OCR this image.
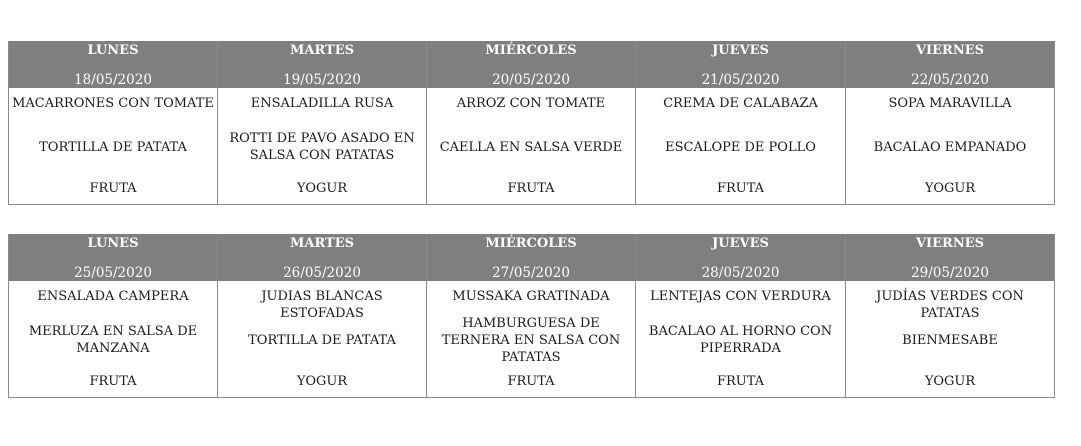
LUNES
18/05/2020
MACARRONES CON TOMATE
TORTILLA DE PATATA
FRUTA
MARTES
19/05/2020
ENSALADILLA RUSA
ROTTI DE PAVO ASADO EN SALSA CON PATATAS
YOGUR
MIÉRCOLES
20/05/2020
ARROZ CON TOMATE
CAELLA EN SALSA VERDE
FRUTA
JUEVES
21/05/2020
CREMA DE CALABAZA
ESCALOPE DE POLLO
FRUTA
VIERNES
22/05/2020
SOPA MARAVILLA
BACALAO EMPANADO
YOGUR
LUNES
25/05/2020
ENSALADA CAMPERA
MERLUZA EN SALSA DE MANZANA
FRUTA
MARTES
26/05/2020
JUDIAS BLANCAS ESTOFADAS
TORTILLA DE PATATA
YOGUR
MIÉRCOLES
27/05/2020
MUSSAKA GRATINADA
HAMBURGUESA DE TERNERA EN SALSA CON PATATAS
FRUTA
JUEVES
28/05/2020
LENTEJAS CON VERDURA
BACALAO AL HORNO CON PIPERRADA
FRUTA
VIERNES
29/05/2020
JUDÍAS VERDES CON PATATAS
BIENMESABE
YOGUR
